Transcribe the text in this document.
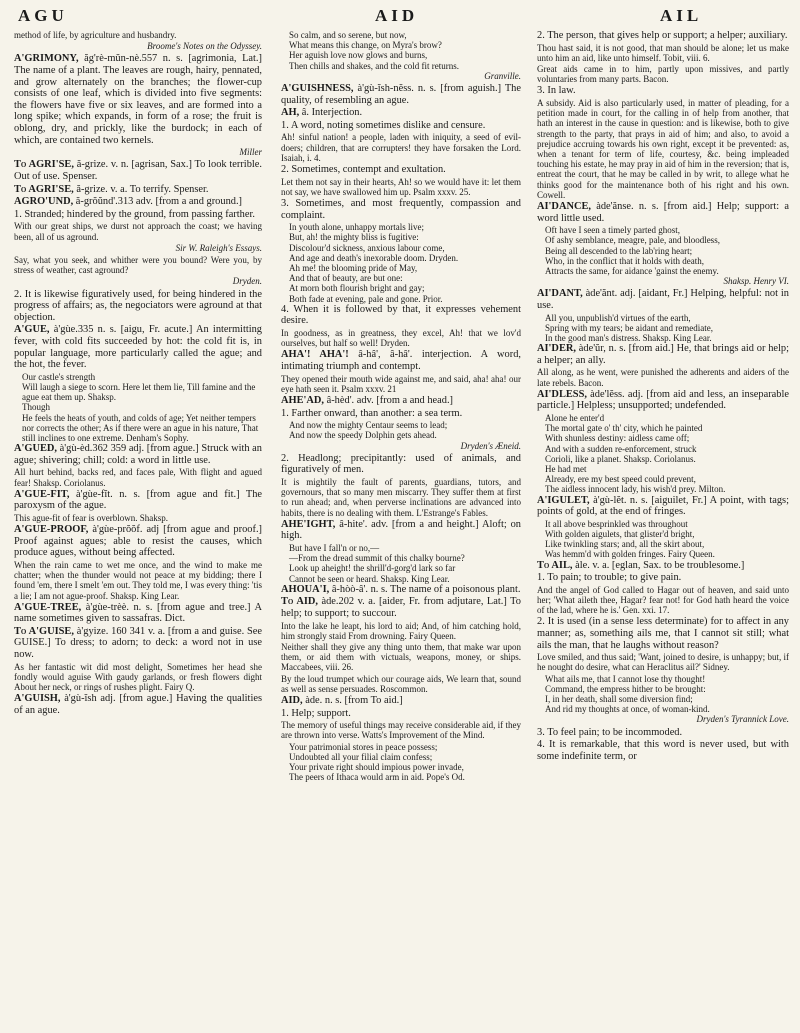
AGU	AID	AIL
method of life, by agriculture and husbandry.
Broome's Notes on the Odyssey.
A'GRIMONY, ăg'rè-mŭn-nè.557 n. s. [agrimonia, Lat.] The name of a plant. The leaves are rough, hairy, pennated, and grow alternately on the branches; the flower-cup consists of one leaf, which is divided into five segments: the flowers have five or six leaves, and are formed into a long spike; which expands, in form of a rose; the fruit is oblong, dry, and prickly, like the burdock; in each of which, are contained two kernels.
Miller
To AGRI'SE, ă-grize. v. n. [agrisan, Sax.] To look terrible. Out of use. Spenser.
To AGRI'SE, ă-grize. v. a. To terrify. Spenser.
AGRO'UND, ă-grŏŭnd'.313 adv. [from a and ground.]
1. Stranded; hindered by the ground, from passing farther.
With our great ships, we durst not approach the coast; we having been, all of us aground.
Sir W. Raleigh's Essays.
Say, what you seek, and whither were you bound? Were you, by stress of weather, cast aground?
Dryden.
2. It is likewise figuratively used, for being hindered in the progress of affairs; as, the negociators were aground at that objection.
A'GUE, à'gùe.335 n. s. [aigu, Fr. acute.] An intermitting fever, with cold fits succeeded by hot: the cold fit is, in popular language, more particularly called the ague; and the hot, the fever.
Our castle's strength
Will laugh a siege to scorn. Here let them lie, Till famine and the ague eat them up. Shaksp.
Though
He feels the heats of youth, and colds of age; Yet neither tempers nor corrects the other; As if there were an ague in his nature, That still inclines to one extreme. Denham's Sophy.
A'GUED, à'gù-èd.362 359 adj. [from ague.] Struck with an ague; shivering; chill; cold: a word in little use.
All hurt behind, backs red, and faces pale, With flight and agued fear! Shaksp. Coriolanus.
A'GUE-FIT, à'gùe-fĭt. n. s. [from ague and fit.] The paroxysm of the ague.
This ague-fit of fear is overblown. Shaksp.
A'GUE-PROOF, à'gùe-prŏŏf. adj [from ague and proof.] Proof against agues; able to resist the causes, which produce agues, without being affected.
When the rain came to wet me once, and the wind to make me chatter; when the thunder would not peace at my bidding; there I found 'em, there I smelt 'em out. They told me, I was every thing: 'tis a lie; I am not ague-proof. Shaksp. King Lear.
A'GUE-TREE, à'gùe-trèè. n. s. [from ague and tree.] A name sometimes given to sassafras. Dict.
To A'GUISE, à'gyize. 160 341 v. a. [from a and guise. See GUISE.] To dress; to adorn; to deck: a word not in use now.
As her fantastic wit did most delight, Sometimes her head she fondly would aguise With gaudy garlands, or fresh flowers dight About her neck, or rings of rushes plight. Fairy Q.
A'GUISH, à'gù-ĭsh adj. [from ague.] Having the qualities of an ague.
So calm, and so serene, but now,
What means this change, on Myra's brow?
Her aguish love now glows and burns,
Then chills and shakes, and the cold fit returns.
Granville.
A'GUISHNESS, à'gù-ĭsh-nĕss. n. s. [from aguish.] The quality, of resembling an ague.
AH, â. Interjection.
1. A word, noting sometimes dislike and censure.
Ah! sinful nation! a people, laden with iniquity, a seed of evil-doers; children, that are corrupters! they have forsaken the Lord. Isaiah, i. 4.
2. Sometimes, contempt and exultation.
Let them not say in their hearts, Ah! so we would have it: let them not say, we have swallowed him up. Psalm xxxv. 25.
3. Sometimes, and most frequently, compassion and complaint.
In youth alone, unhappy mortals live;
But, ah! the mighty bliss is fugitive:
Discolour'd sickness, anxious labour come,
And age and death's inexorable doom. Dryden.
Ah me! the blooming pride of May,
And that of beauty, are but one:
At morn both flourish bright and gay;
Both fade at evening, pale and gone. Prior.
4. When it is followed by that, it expresses vehement desire.
In goodness, as in greatness, they excel, Ah! that we lov'd ourselves, but half so well! Dryden.
AHA'! AHA'! â-hâ', â-hâ'. interjection. A word, intimating triumph and contempt.
They opened their mouth wide against me, and said, aha! aha! our eye hath seen it. Psalm xxxv. 21
AHE'AD, â-hèd'. adv. [from a and head.]
1. Farther onward, than another: a sea term.
And now the mighty Centaur seems to lead;
And now the speedy Dolphin gets ahead.
Dryden's Æneid.
2. Headlong; precipitantly: used of animals, and figuratively of men.
It is mightily the fault of parents, guardians, tutors, and governours, that so many men miscarry. They suffer them at first to run ahead; and, when perverse inclinations are advanced into habits, there is no dealing with them. L'Estrange's Fables.
AHE'IGHT, â-hite'. adv. [from a and height.] Aloft; on high.
But have I fall'n or no,—
—From the dread summit of this chalky bourne?
Look up aheight! the shrill'd-gorg'd lark so far
Cannot be seen or heard. Shaksp. King Lear.
AHOUA'I, â-hòò-â'. n. s. The name of a poisonous plant.
To AID, àde.202 v. a. [aider, Fr. from adjutare, Lat.] To help; to support; to succour.
Into the lake he leapt, his lord to aid; And, of him catching hold, him strongly staid From drowning. Fairy Queen.
Neither shall they give any thing unto them, that make war upon them, or aid them with victuals, weapons, money, or ships. Maccabees, viii. 26.
By the loud trumpet which our courage aids, We learn that, sound as well as sense persuades. Roscommon.
AID, àde. n. s. [from To aid.]
1. Help; support.
The memory of useful things may receive considerable aid, if they are thrown into verse. Watts's Improvement of the Mind.
Your patrimonial stores in peace possess;
Undoubted all your filial claim confess;
Your private right should impious power invade,
The peers of Ithaca would arm in aid. Pope's Od.
2. The person, that gives help or support; a helper; auxiliary.
Thou hast said, it is not good, that man should be alone; let us make unto him an aid, like unto himself. Tobit, viii. 6.
Great aids came in to him, partly upon missives, and partly voluntaries from many parts. Bacon.
3. In law.
A subsidy. Aid is also particularly used, in matter of pleading, for a petition made in court, for the calling in of help from another, that hath an interest in the cause in question: and is likewise, both to give strength to the party, that prays in aid of him; and also, to avoid a prejudice accruing towards his own right, except it be prevented: as, when a tenant for term of life, courtesy, &c. being impleaded touching his estate, he may pray in aid of him in the reversion; that is, entreat the court, that he may be called in by writ, to allege what he thinks good for the maintenance both of his right and his own. Cowell.
AI'DANCE, àde'ănse. n. s. [from aid.] Help; support: a word little used.
Oft have I seen a timely parted ghost,
Of ashy semblance, meagre, pale, and bloodless,
Being all descended to the lab'ring heart;
Who, in the conflict that it holds with death,
Attracts the same, for aidance 'gainst the enemy.
Shaksp. Henry VI.
AI'DANT, àde'ănt. adj. [aidant, Fr.] Helping, helpful: not in use.
All you, unpublish'd virtues of the earth,
Spring with my tears; be aidant and remediate,
In the good man's distress. Shaksp. King Lear.
AI'DER, àde'ŭr, n. s. [from aid.] He, that brings aid or help; a helper; an ally.
All along, as he went, were punished the adherents and aiders of the late rebels. Bacon.
AI'DLESS, àde'lĕss. adj. [from aid and less, an inseparable particle.] Helpless; unsupported; undefended.
Alone he enter'd
The mortal gate o' th' city, which he painted
With shunless destiny: aidless came off;
And with a sudden re-enforcement, struck
Corioli, like a planet. Shaksp. Coriolanus.
He had met
Already, ere my best speed could prevent,
The aidless innocent lady, his wish'd prey. Milton.
A'IGULET, à'gù-lĕt. n. s. [aiguilet, Fr.] A point, with tags; points of gold, at the end of fringes.
It all above besprinkled was throughout
With golden aigulets, that glister'd bright,
Like twinkling stars; and, all the skirt about,
Was hemm'd with golden fringes. Fairy Queen.
To AIL, àle. v. a. [eglan, Sax. to be troublesome.]
1. To pain; to trouble; to give pain.
And the angel of God called to Hagar out of heaven, and said unto her; 'What aileth thee, Hagar? fear not! for God hath heard the voice of the lad, where he is.' Gen. xxi. 17.
2. It is used (in a sense less determinate) for to affect in any manner; as, something ails me, that I cannot sit still; what ails the man, that he laughs without reason?
Love smiled, and thus said; 'Want, joined to desire, is unhappy; but, if he nought do desire, what can Heraclitus ail?' Sidney.
What ails me, that I cannot lose thy thought!
Command, the empress hither to be brought:
I, in her death, shall some diversion find;
And rid my thoughts at once, of woman-kind.
Dryden's Tyrannick Love.
3. To feel pain; to be incommoded.
4. It is remarkable, that this word is never used, but with some indefinite term, or
